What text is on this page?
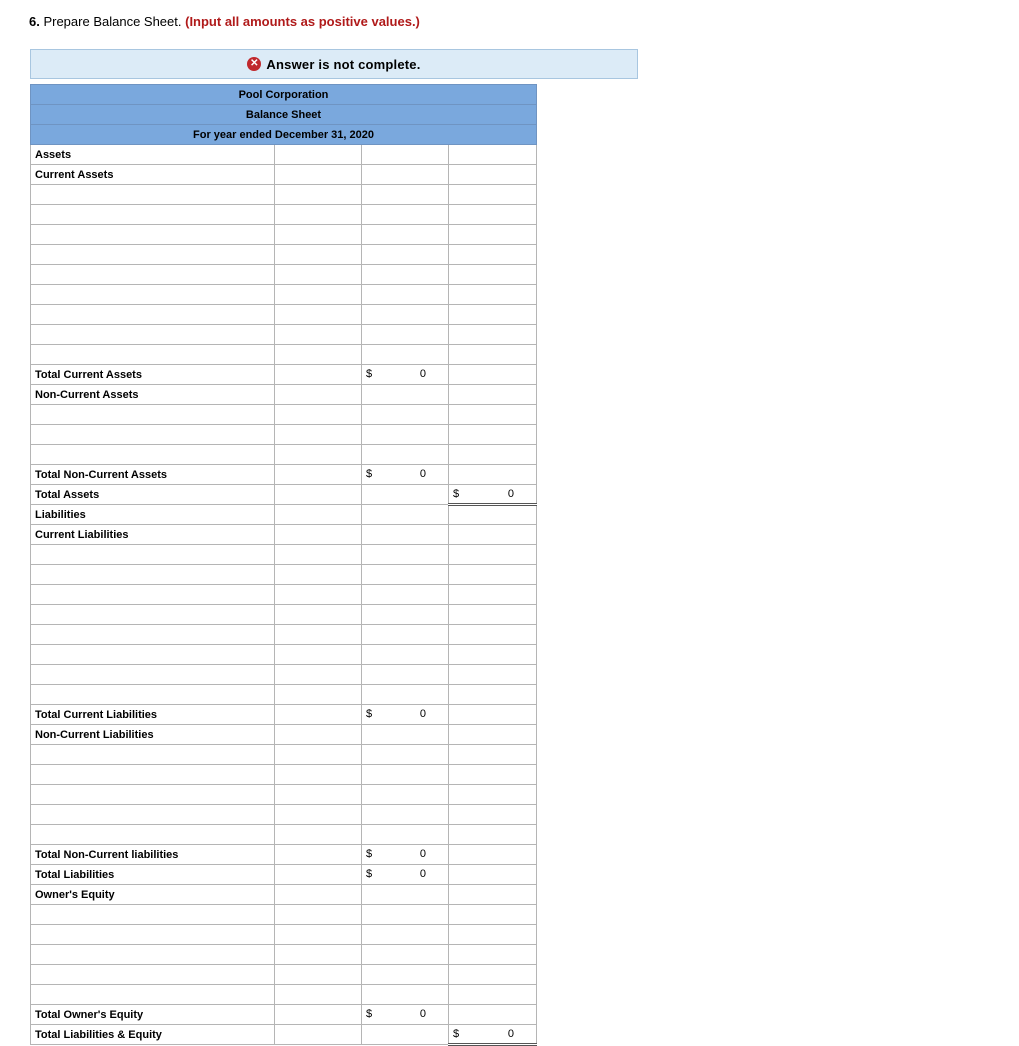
6. Prepare Balance Sheet. (Input all amounts as positive values.)
✕ Answer is not complete.
Pool Corporation			
Balance Sheet			
For year ended December 31, 2020			
Assets			
Current Assets			

Total Current Assets		$ 0	

Non-Current Assets			

Total Non-Current Assets		$ 0	

Total Assets			$ 0

Liabilities			
Current Liabilities			

Total Current Liabilities		$ 0	

Non-Current Liabilities			

Total Non-Current liabilities		$ 0	

Total Liabilities		$ 0	

Owner's Equity			

Total Owner's Equity		$ 0	

Total Liabilities & Equity			$ 0
